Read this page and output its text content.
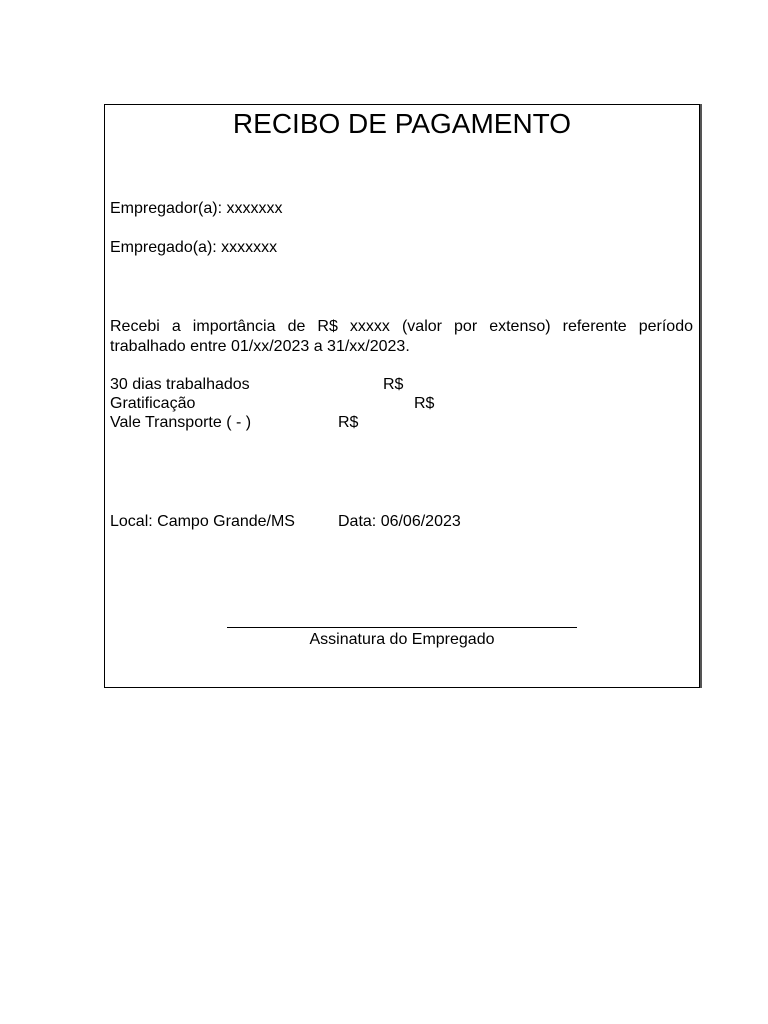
RECIBO DE PAGAMENTO
Empregador(a): xxxxxxx
Empregado(a): xxxxxxx
Recebi a importância de R$ xxxxx (valor por extenso) referente período trabalhado entre 01/xx/2023 a 31/xx/2023.
30 dias trabalhados	R$
Gratificação	R$
Vale Transporte ( - )	R$
Local: Campo Grande/MS	Data: 06/06/2023
Assinatura do Empregado
